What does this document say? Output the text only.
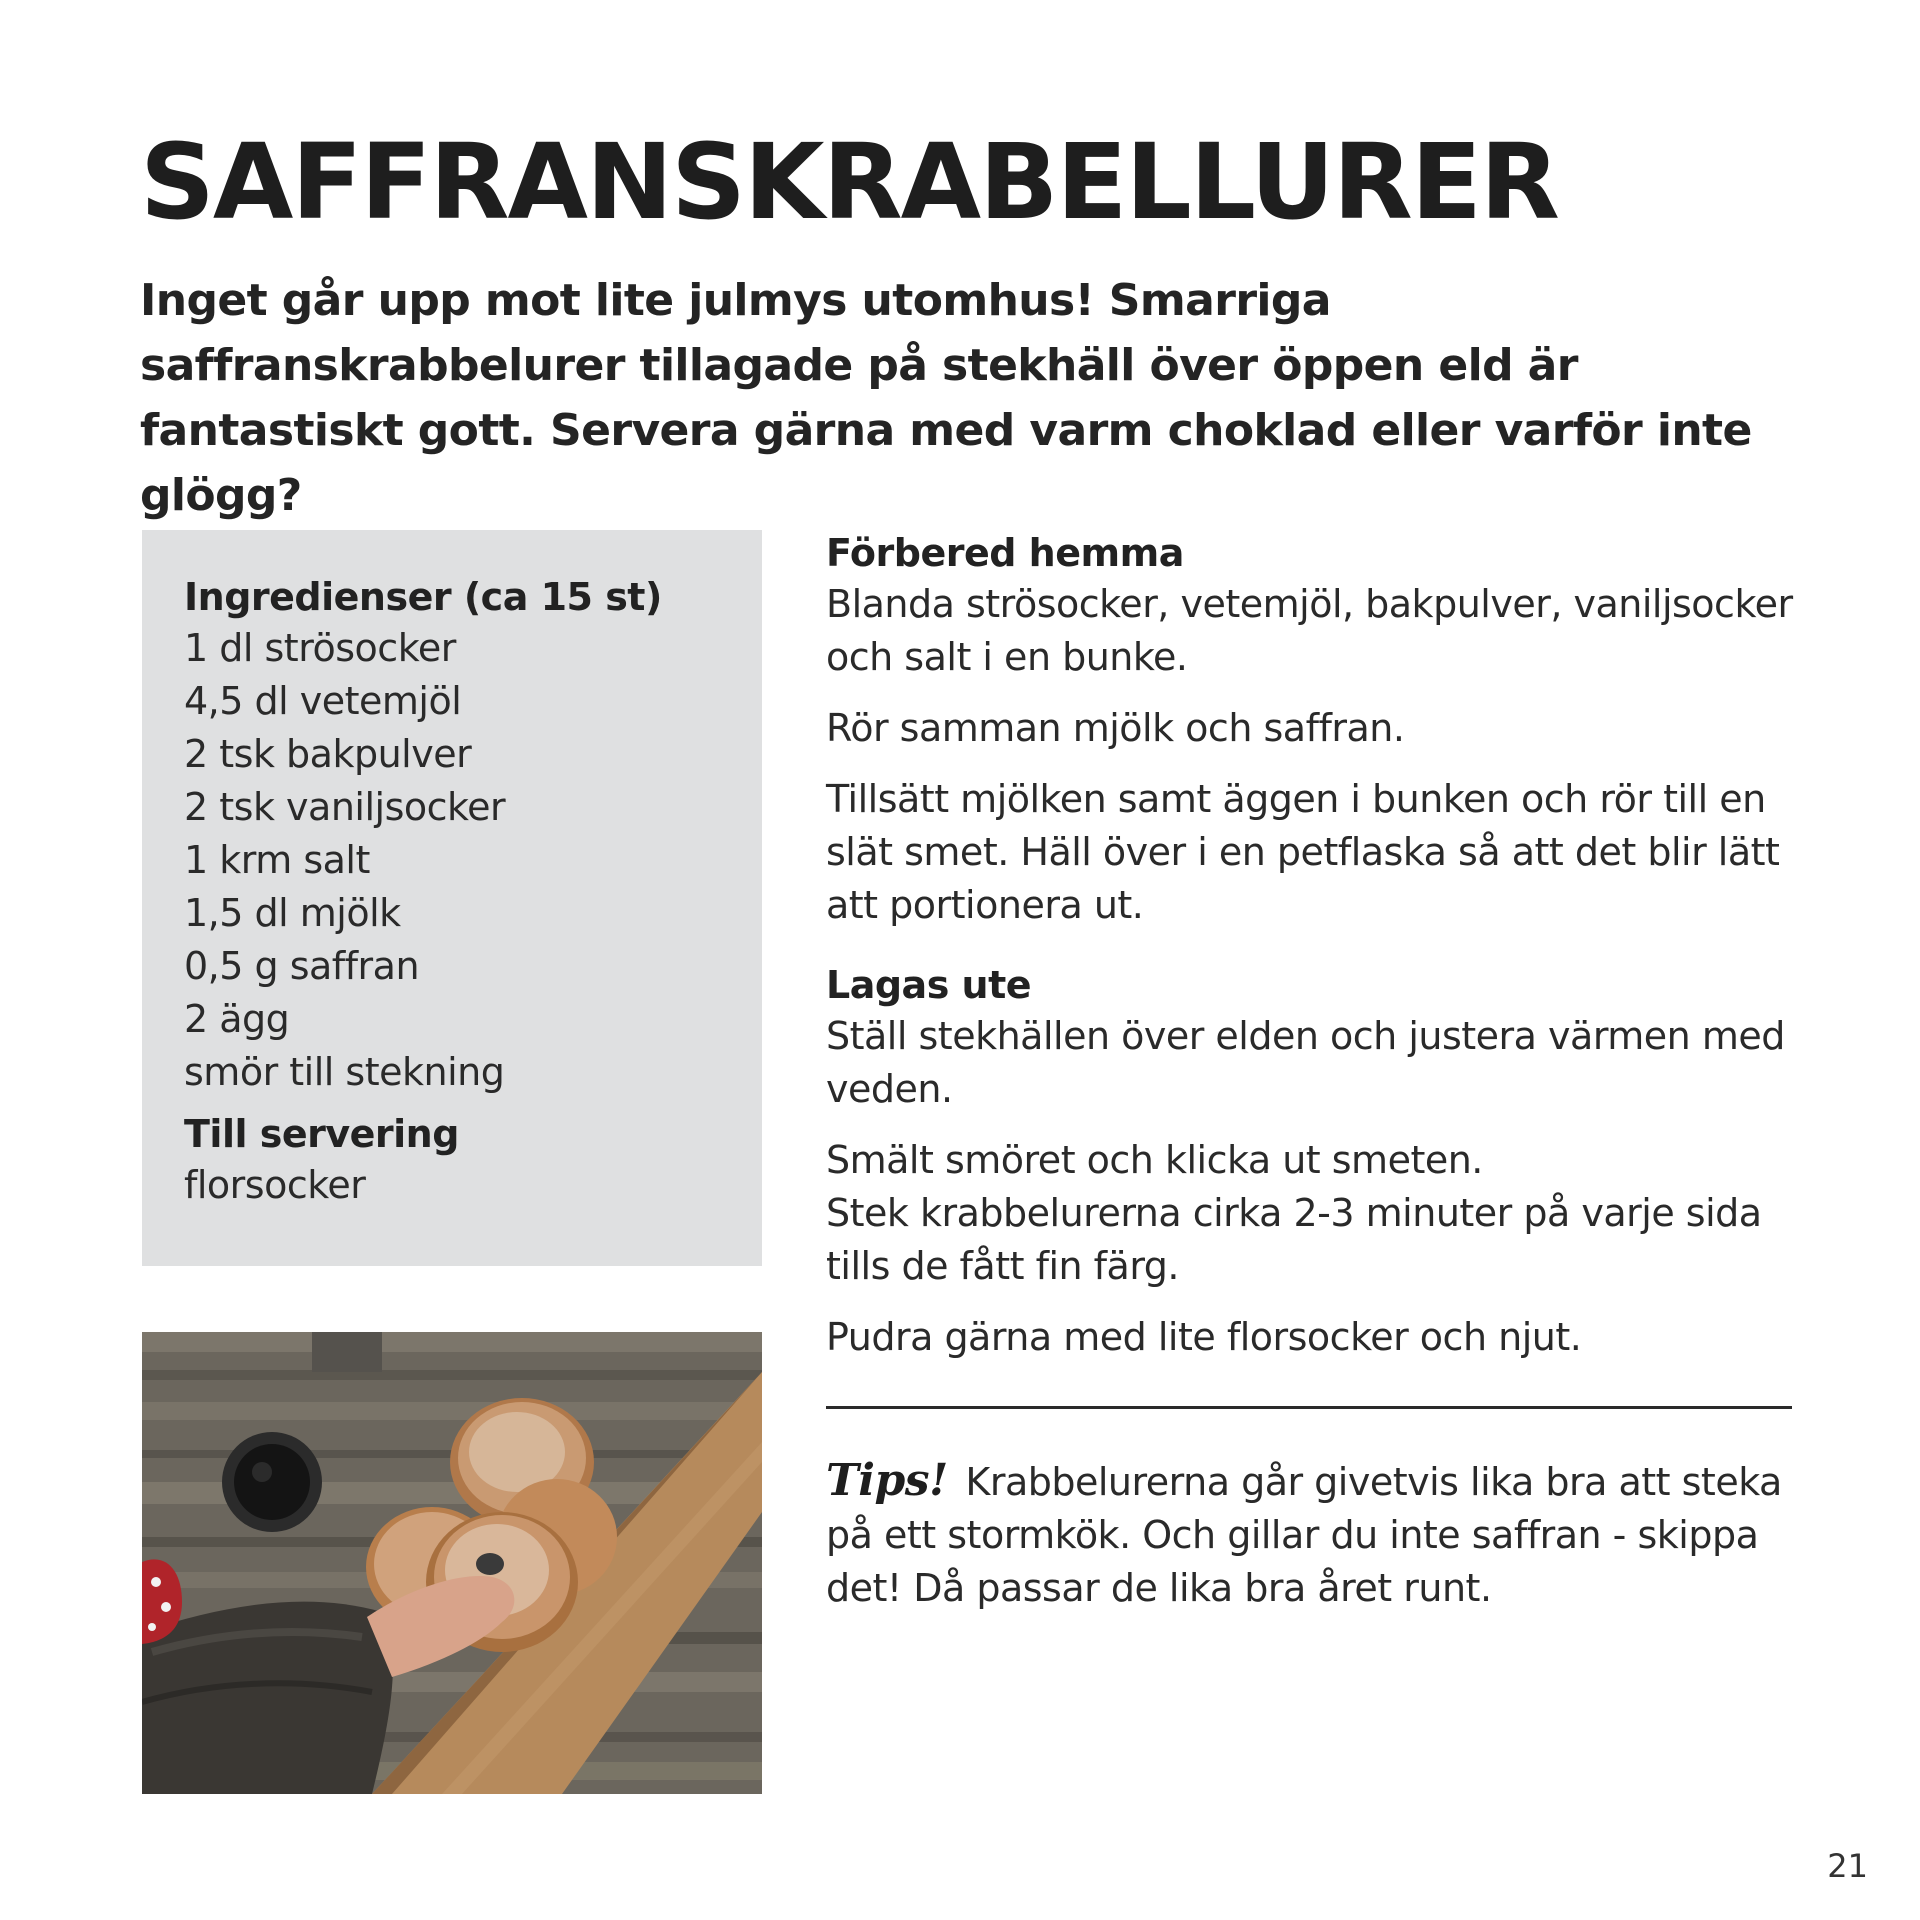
SAFFRANSKRABELLURER

Inget går upp mot lite julmys utomhus! Smarriga saffranskrabbelurer tillagade på stekhäll över öppen eld är fantastiskt gott. Servera gärna med varm choklad eller varför inte glögg?

Ingredienser (ca 15 st)
1 dl strösocker
4,5 dl vetemjöl
2 tsk bakpulver
2 tsk vaniljsocker
1 krm salt
1,5 dl mjölk
0,5 g saffran
2 ägg
smör till stekning
Till servering
florsocker
Förbered hemma

Blanda strösocker, vetemjöl, bakpulver, vaniljsocker och salt i en bunke.

Rör samman mjölk och saffran.

Tillsätt mjölken samt äggen i bunken och rör till en slät smet. Häll över i en petflaska så att det blir lätt att portionera ut.

Lagas ute

Ställ stekhällen över elden och justera värmen med veden.

Smält smöret och klicka ut smeten.
Stek krabbelurerna cirka 2-3 minuter på varje sida tills de fått fin färg.

Pudra gärna med lite florsocker och njut.

Tips! Krabbelurerna går givetvis lika bra att steka på ett stormkök. Och gillar du inte saffran - skippa det! Då passar de lika bra året runt.

21
